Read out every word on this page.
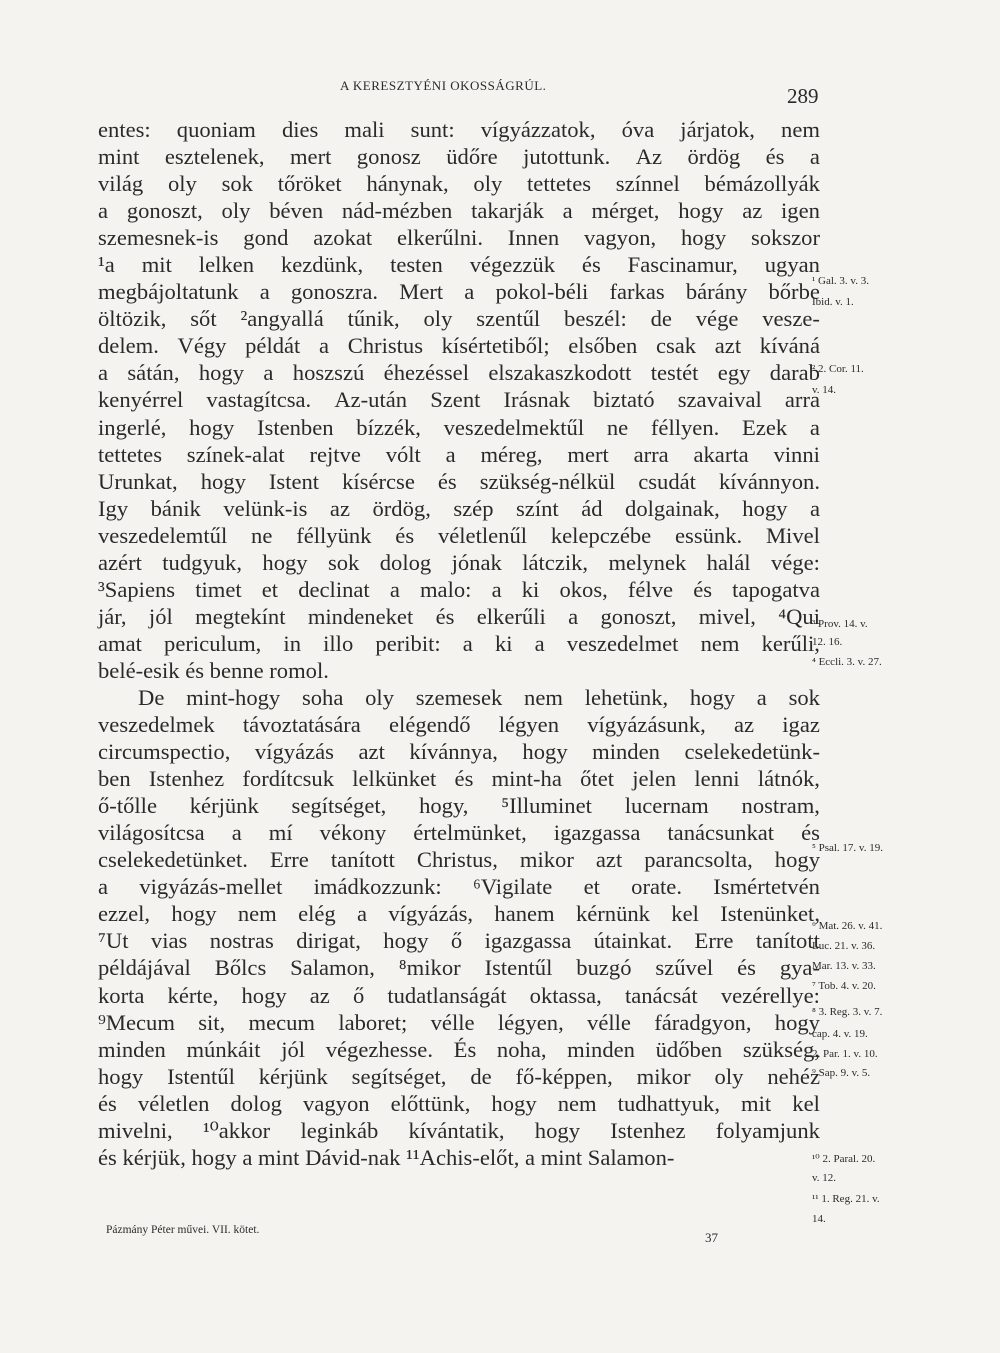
A KERESZTYÉNI OKOSSÁGRÚL.	289
entes: quoniam dies mali sunt: vígyázzatok, óva járjatok, nem
mint esztelenek, mert gonosz üdőre jutottunk. Az ördög és a
világ oly sok tőröket hánynak, oly tettetes színnel bémázollyák
a gonoszt, oly béven nád-mézben takarják a mérget, hogy az igen
szemesnek-is gond azokat elkerűlni. Innen vagyon, hogy sokszor
¹a mit lelken kezdünk, testen végezzük és Fascinamur, ugyan
megbájoltatunk a gonoszra. Mert a pokol-béli farkas bárány bőrbe
öltözik, sőt ²angyallá tűnik, oly szentűl beszél: de vége vesze-
delem. Végy példát a Christus kísértetiből; elsőben csak azt kíváná
a sátán, hogy a hoszszú éhezéssel elszakaszkodott testét egy darab
kenyérrel vastagítcsa. Az-után Szent Irásnak biztató szavaival arra
ingerlé, hogy Istenben bízzék, veszedelmektűl ne féllyen. Ezek a
tettetes színek-alat rejtve vólt a méreg, mert arra akarta vinni
Urunkat, hogy Istent kísércse és szükség-nélkül csudát kívánnyon.
Igy bánik velünk-is az ördög, szép színt ád dolgainak, hogy a
veszedelemtűl ne féllyünk és véletlenűl kelepczébe essünk. Mivel
azért tudgyuk, hogy sok dolog jónak látczik, melynek halál vége:
³Sapiens timet et declinat a malo: a ki okos, félve és tapogatva
jár, jól megtekínt mindeneket és elkerűli a gonoszt, mivel, ⁴Qui
amat periculum, in illo peribit: a ki a veszedelmet nem kerűli,
belé-esik és benne romol.
De mint-hogy soha oly szemesek nem lehetünk, hogy a sok
veszedelmek távoztatására elégendő légyen vígyázásunk, az igaz
circumspectio, vígyázás azt kívánnya, hogy minden cselekedetünk-
ben Istenhez fordítcsuk lelkünket és mint-ha őtet jelen lenni látnók,
ő-tőlle kérjünk segítséget, hogy, ⁵Illuminet lucernam nostram,
világosítcsa a mí vékony értelmünket, igazgassa tanácsunkat és
cselekedetünket. Erre tanított Christus, mikor azt parancsolta, hogy
a vigyázás-mellet imádkozzunk: ⁶Vigilate et orate. Ismértetvén
ezzel, hogy nem elég a vígyázás, hanem kérnünk kel Istenünket,
⁷Ut vias nostras dirigat, hogy ő igazgassa útainkat. Erre tanított
példájával Bőlcs Salamon, ⁸mikor Istentűl buzgó szűvel és gya-
korta kérte, hogy az ő tudatlanságát oktassa, tanácsát vezérellye:
⁹Mecum sit, mecum laboret; vélle légyen, vélle fáradgyon, hogy
minden múnkáit jól végezhesse. És noha, minden üdőben szükség,
hogy Istentűl kérjünk segítséget, de fő-képpen, mikor oly nehéz
és véletlen dolog vagyon előttünk, hogy nem tudhattyuk, mit kel
mivelni, ¹⁰akkor leginkáb kívántatik, hogy Istenhez folyamjunk
és kérjük, hogy a mint Dávid-nak ¹¹Achis-előt, a mint Salamon-
¹ Gal. 3. v. 3.
Ibid. v. 1.
² 2. Cor. 11.
v. 14.
³ Prov. 14. v.
12. 16.
⁴ Eccli. 3. v. 27.
⁵ Psal. 17. v. 19.
⁶ Mat. 26. v. 41.
Luc. 21. v. 36.
Mar. 13. v. 33.
⁷ Tob. 4. v. 20.
⁸ 3. Reg. 3. v. 7.
cap. 4. v. 19.
2. Par. 1. v. 10.
⁹ Sap. 9. v. 5.
¹⁰ 2. Paral. 20.
v. 12.
¹¹ 1. Reg. 21. v.
14.
Pázmány Péter művei. VII. kötet.	37
